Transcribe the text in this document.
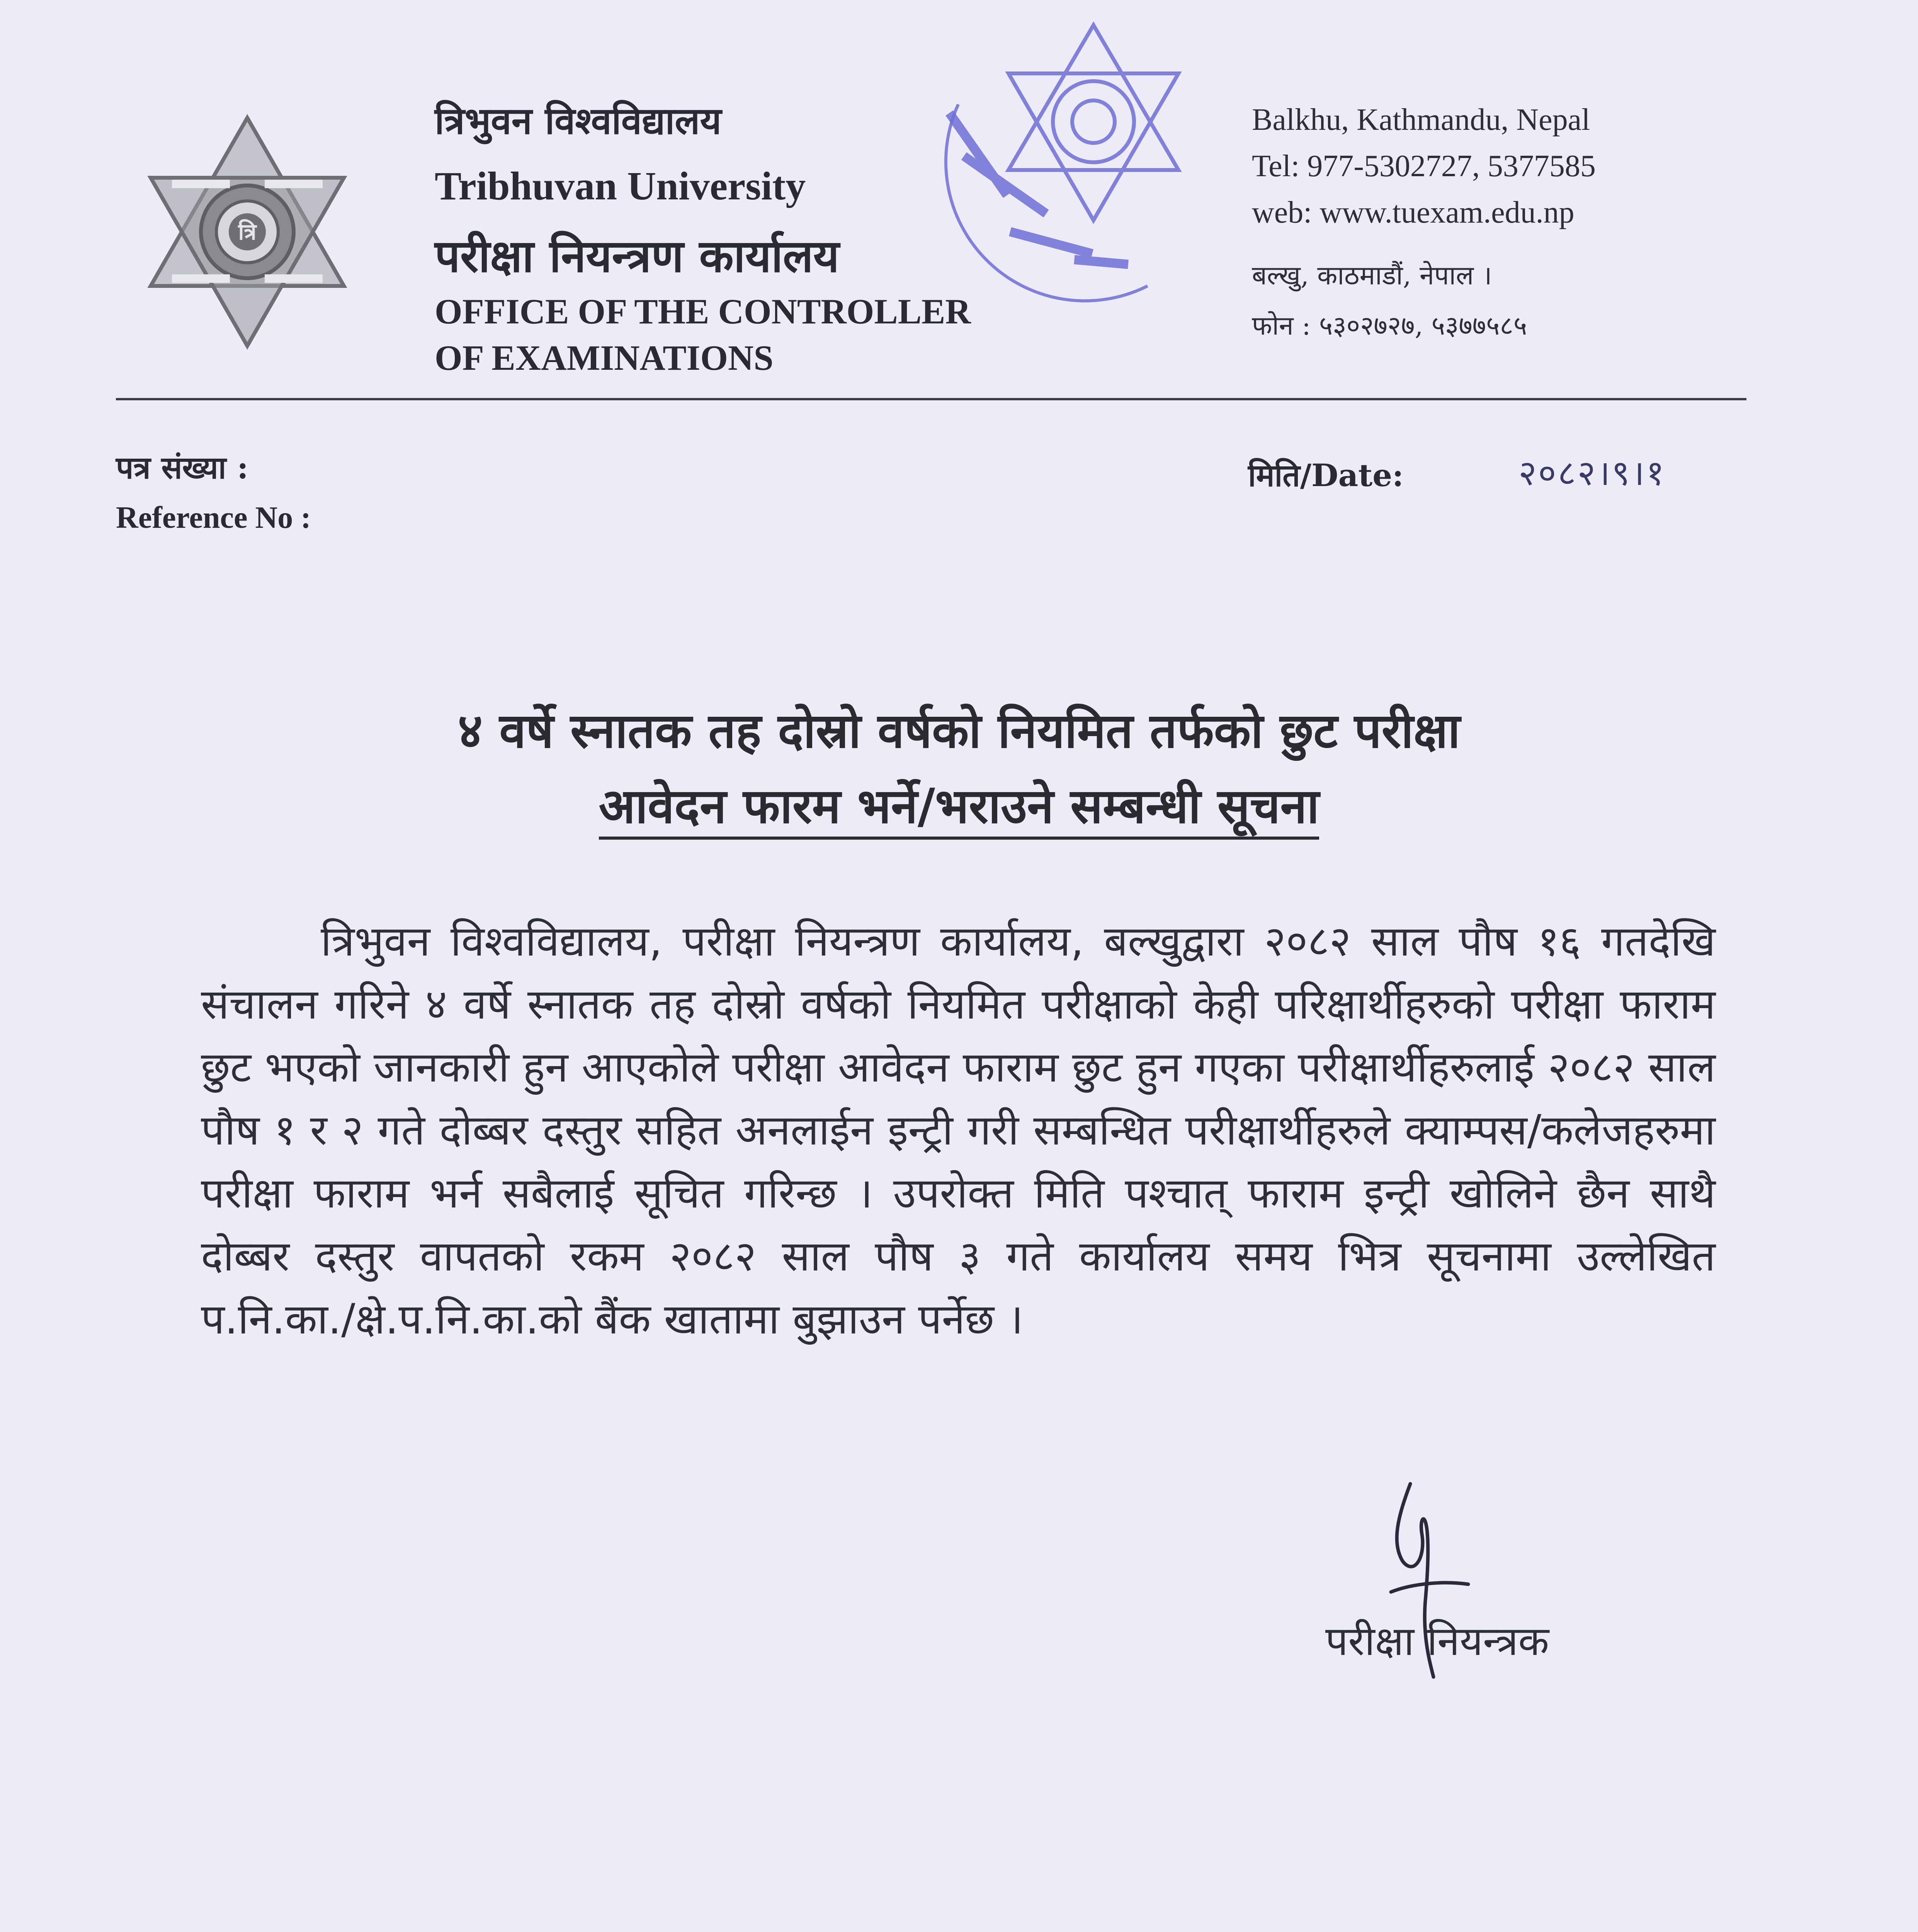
त्रि
त्रिभुवन विश्वविद्यालय
Tribhuvan University
परीक्षा नियन्त्रण कार्यालय
OFFICE OF THE CONTROLLER
OF EXAMINATIONS
Balkhu, Kathmandu, Nepal
Tel: 977-5302727, 5377585
web: www.tuexam.edu.np
बल्खु, काठमाडौं, नेपाल ।
फोन : ५३०२७२७, ५३७७५८५
पत्र संख्या :
Reference No :
मिति/Date:	२०८२।९।१
४ वर्षे स्नातक तह दोस्रो वर्षको नियमित तर्फको छुट परीक्षा
आवेदन फारम भर्ने/भराउने सम्बन्धी सूचना
त्रिभुवन विश्वविद्यालय, परीक्षा नियन्त्रण कार्यालय, बल्खुद्वारा २०८२ साल पौष १६ गतदेखि संचालन गरिने ४ वर्षे स्नातक तह दोस्रो वर्षको नियमित परीक्षाको केही परिक्षार्थीहरुको परीक्षा फाराम छुट भएको जानकारी हुन आएकोले परीक्षा आवेदन फाराम छुट हुन गएका परीक्षार्थीहरुलाई २०८२ साल पौष १ र २ गते दोब्बर दस्तुर सहित अनलाईन इन्ट्री गरी सम्बन्धित परीक्षार्थीहरुले क्याम्पस/कलेजहरुमा परीक्षा फाराम भर्न सबैलाई सूचित गरिन्छ । उपरोक्त मिति पश्चात् फाराम इन्ट्री खोलिने छैन साथै दोब्बर दस्तुर वापतको रकम २०८२ साल पौष ३ गते कार्यालय समय भित्र सूचनामा उल्लेखित प.नि.का./क्षे.प.नि.का.को बैंक खातामा बुझाउन पर्नेछ ।
परीक्षा नियन्त्रक
